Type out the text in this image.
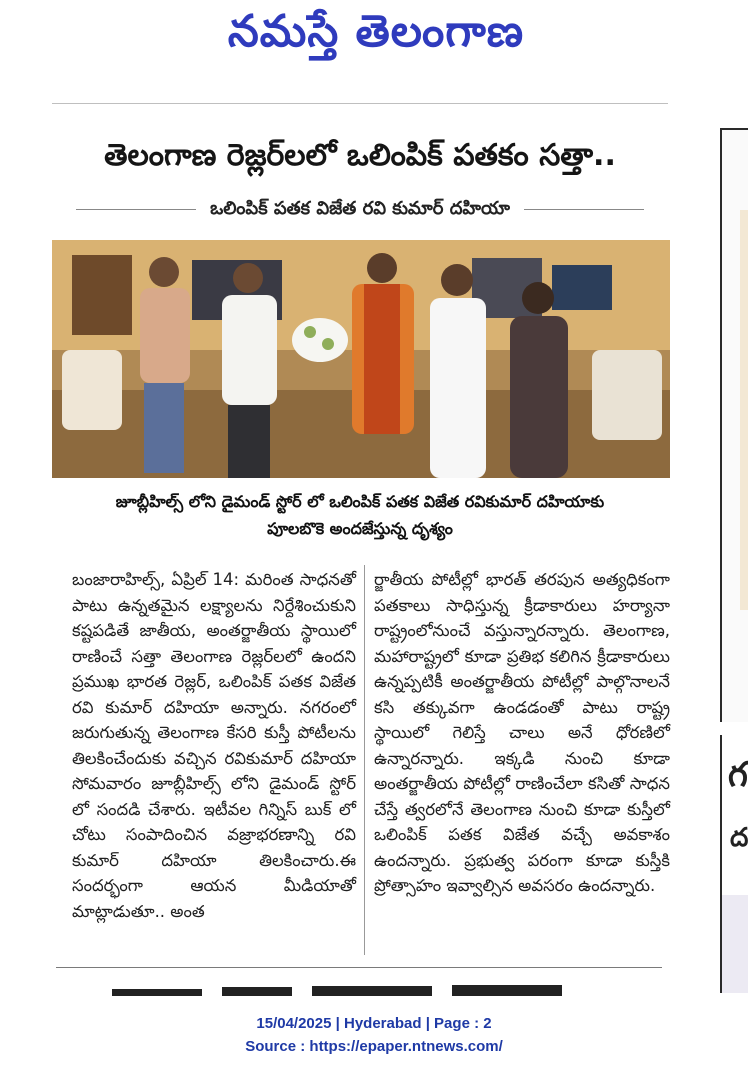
నమస్తే తెలంగాణ
తెలంగాణ రెజ్లర్‌లలో ఒలింపిక్ పతకం సత్తా..
ఒలింపిక్ పతక విజేత రవి కుమార్ దహియా
జూబ్లీహిల్స్ లోని డైమండ్ స్టోర్ లో ఒలింపిక్ పతక విజేత రవికుమార్ దహియాకు
పూలబొకె అందజేస్తున్న దృశ్యం
బంజారాహిల్స్, ఏప్రిల్ 14: మరింత సాధనతో పాటు ఉన్నతమైన లక్ష్యాలను నిర్దేశించుకుని కష్టపడితే జాతీయ, అంతర్జాతీయ స్థాయిలో రాణించే సత్తా తెలంగాణ రెజ్లర్‌లలో ఉందని ప్రముఖ భారత రెజ్లర్, ఒలింపిక్ పతక విజేత రవి కుమార్ దహియా అన్నారు. నగరంలో జరుగుతున్న తెలంగాణ కేసరి కుస్తీ పోటీలను తిలకించేందుకు వచ్చిన రవికుమార్ దహియా సోమవారం జూబ్లీహిల్స్ లోని డైమండ్ స్టోర్ లో సందడి చేశారు. ఇటీవల గిన్నిస్ బుక్ లో చోటు సంపాదించిన వజ్రాభరణాన్ని రవి కుమార్ దహియా తిలకించారు.ఈ సందర్భంగా ఆయన మీడియాతో మాట్లాడుతూ.. అంత
ర్జాతీయ పోటీల్లో భారత్ తరపున అత్యధికంగా పతకాలు సాధిస్తున్న క్రీడాకారులు హర్యానా రాష్ట్రంలోనుంచే వస్తున్నారన్నారు. తెలంగాణ, మహారాష్ట్రలో కూడా ప్రతిభ కలిగిన క్రీడాకారులు ఉన్నప్పటికీ అంతర్జాతీయ పోటీల్లో పాల్గొనాలనే కసి తక్కువగా ఉండడంతో పాటు రాష్ట్ర స్థాయిలో గెలిస్తే చాలు అనే ధోరణిలో ఉన్నారన్నారు. ఇక్కడి నుంచి కూడా అంతర్జాతీయ పోటీల్లో రాణించేలా కసితో సాధన చేస్తే త్వరలోనే తెలంగాణ నుంచి కూడా కుస్తీలో ఒలింపిక్ పతక విజేత వచ్చే అవకాశం ఉందన్నారు. ప్రభుత్వ పరంగా కూడా కుస్తీకి ప్రోత్సాహం ఇవ్వాల్సిన అవసరం ఉందన్నారు.
గ
ద
15/04/2025 | Hyderabad | Page : 2
Source : https://epaper.ntnews.com/
